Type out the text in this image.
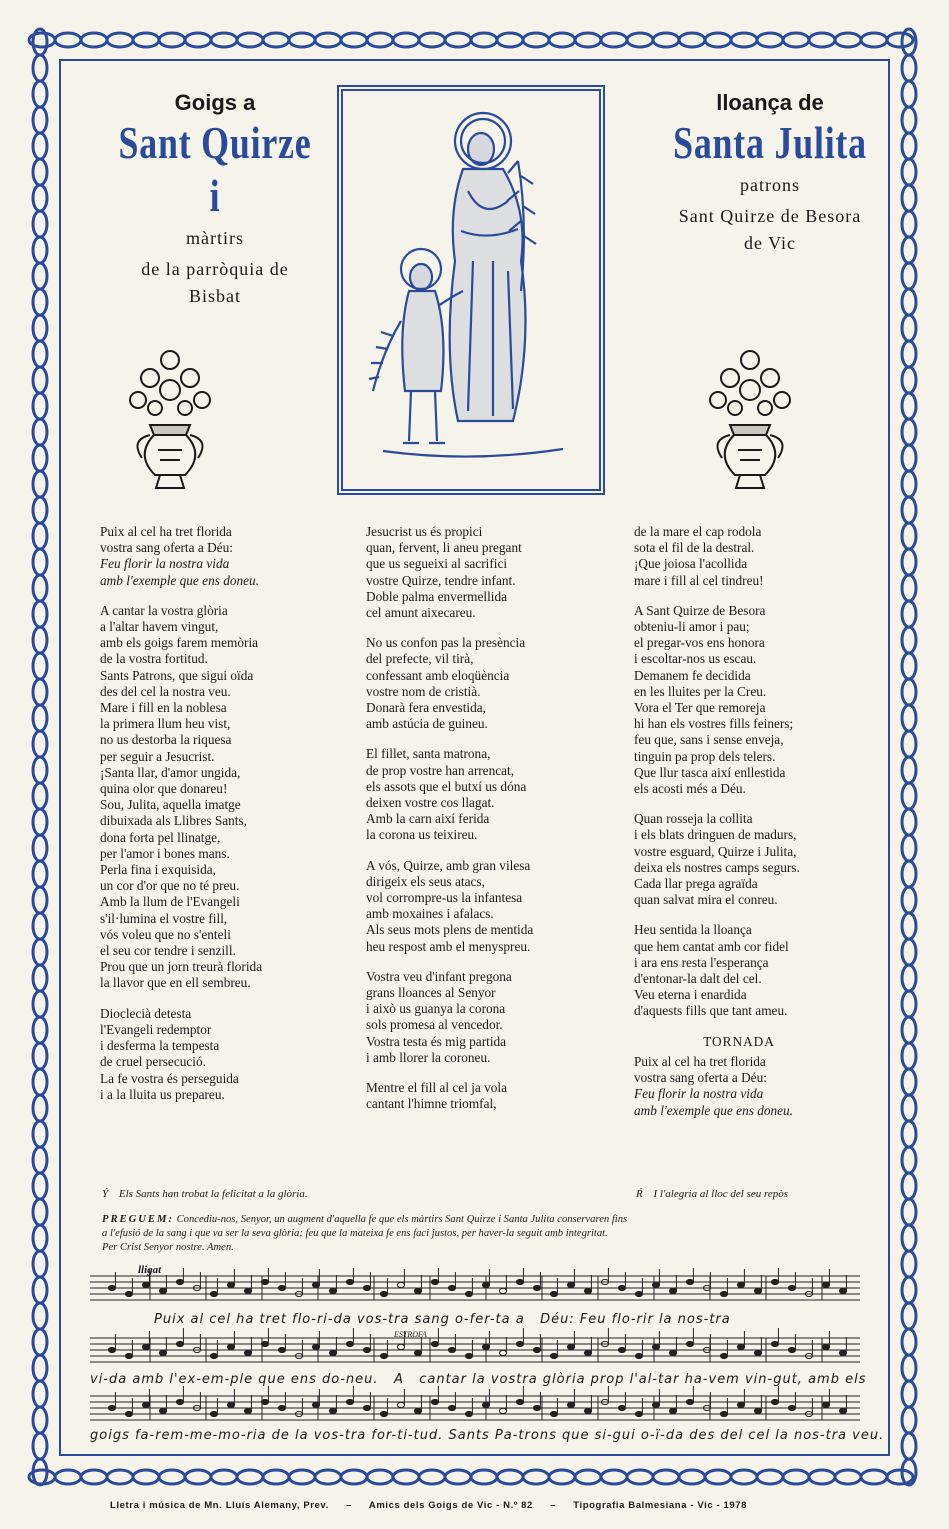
Goigs a
Sant Quirze i
màrtirs
de la parròquia de
Bisbat
lloança de
Santa Julita
patrons
Sant Quirze de Besora
de Vic

Puix al cel ha tret florida

vostra sang oferta a Déu:

Feu florir la nostra vida

amb l'exemple que ens doneu.

A cantar la vostra glòria

a l'altar havem vingut,

amb els goigs farem memòria

de la vostra fortitud.

Sants Patrons, que sigui oïda

des del cel la nostra veu.

Mare i fill en la noblesa

la primera llum heu vist,

no us destorba la riquesa

per seguir a Jesucrist.

¡Santa llar, d'amor ungida,

quina olor que donareu!

Sou, Julita, aquella imatge

dibuixada als Llibres Sants,

dona forta pel llinatge,

per l'amor i bones mans.

Perla fina i exquisida,

un cor d'or que no té preu.

Amb la llum de l'Evangeli

s'il·lumina el vostre fill,

vós voleu que no s'enteli

el seu cor tendre i senzill.

Prou que un jorn treurà florida

la llavor que en ell sembreu.

Dioclecià detesta

l'Evangeli redemptor

i desferma la tempesta

de cruel persecució.

La fe vostra és perseguida

i a la lluita us prepareu.

Jesucrist us és propici

quan, fervent, li aneu pregant

que us segueixi al sacrifici

vostre Quirze, tendre infant.

Doble palma envermellida

cel amunt aixecareu.

No us confon pas la presència

del prefecte, vil tirà,

confessant amb eloqüència

vostre nom de cristià.

Donarà fera envestida,

amb astúcia de guineu.

El fillet, santa matrona,

de prop vostre han arrencat,

els assots que el butxí us dóna

deixen vostre cos llagat.

Amb la carn així ferida

la corona us teixireu.

A vós, Quirze, amb gran vilesa

dirigeix els seus atacs,

vol corrompre-us la infantesa

amb moxaines i afalacs.

Als seus mots plens de mentida

heu respost amb el menyspreu.

Vostra veu d'infant pregona

grans lloances al Senyor

i això us guanya la corona

sols promesa al vencedor.

Vostra testa és mig partida

i amb llorer la coroneu.

Mentre el fill al cel ja vola

cantant l'himne triomfal,

de la mare el cap rodola

sota el fil de la destral.

¡Que joiosa l'acollida

mare i fill al cel tindreu!

A Sant Quirze de Besora

obteniu-li amor i pau;

el pregar-vos ens honora

i escoltar-nos us escau.

Demanem fe decidida

en les lluites per la Creu.

Vora el Ter que remoreja

hi han els vostres fills feiners;

feu que, sans i sense enveja,

tinguin pa prop dels telers.

Que llur tasca així enllestida

els acosti més a Déu.

Quan rosseja la collita

i els blats dringuen de madurs,

vostre esguard, Quirze i Julita,

deixa els nostres camps segurs.

Cada llar prega agraïda

quan salvat mira el conreu.

Heu sentida la lloança

que hem cantat amb cor fidel

i ara ens resta l'esperança

d'entonar-la dalt del cel.

Veu eterna i enardida

d'aquests fills que tant ameu.

TORNADA

Puix al cel ha tret florida

vostra sang oferta a Déu:

Feu florir la nostra vida

amb l'exemple que ens doneu.

Ý Els Sants han trobat la felicitat a la glòria.	Ŕ I l'alegria al lloc del seu repòs
PREGUEM: Concediu-nos, Senyor, un augment d'aquella fe que els màrtirs Sant Quirze i Santa Julita conservaren fins
a l'efusió de la sang i que va ser la seva glòria; feu que la mateixa fe ens faci justos, per haver-la seguit amb integritat.
Per Crist Senyor nostre. Amen.
lligat
ESTROFA
Puix al cel ha tret flo-ri-da vos-tra sang o-fer-ta a   Déu: Feu flo-rir la nos-tra
vi-da amb l'ex-em-ple que ens do-neu.   A   cantar la vostra glòria prop l'al-tar ha-vem vin-gut, amb els
goigs fa-rem-me-mo-ria de la vos-tra for-ti-tud. Sants Pa-trons que si-gui o-ï-da des del cel la nos-tra veu.
Lletra i música de Mn. Lluís Alemany, Prev. – Amics dels Goigs de Vic - N.º 82 – Tipografia Balmesiana - Vic - 1978
